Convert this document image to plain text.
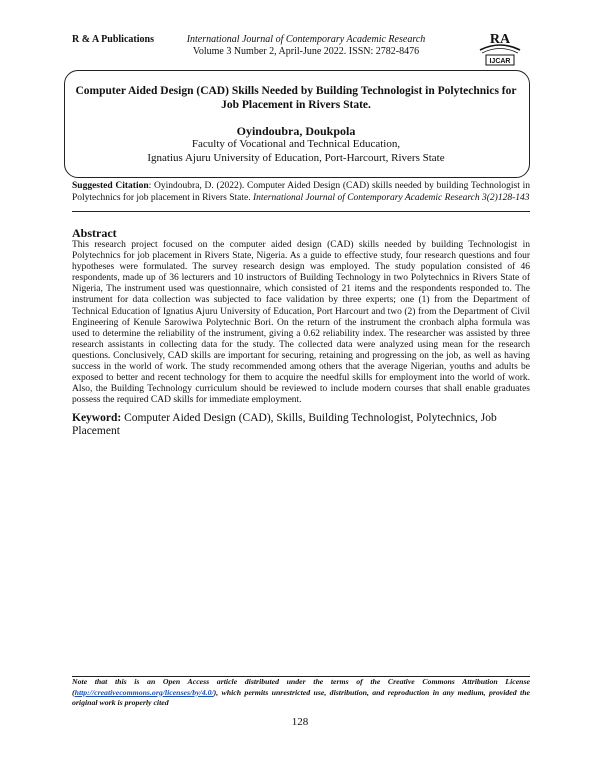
R & A Publications	International Journal of Contemporary Academic Research
Volume 3 Number 2, April-June 2022. ISSN: 2782-8476
RA
IJCAR
Computer Aided Design (CAD) Skills Needed by Building Technologist in Polytechnics for Job Placement in Rivers State.
Oyindoubra, Doukpola
Faculty of Vocational and Technical Education,
Ignatius Ajuru University of Education, Port-Harcourt, Rivers State
Suggested Citation: Oyindoubra, D. (2022). Computer Aided Design (CAD) skills needed by building Technologist in Polytechnics for job placement in Rivers State. International Journal of Contemporary Academic Research 3(2)128-143
Abstract
This research project focused on the computer aided design (CAD) skills needed by building Technologist in Polytechnics for job placement in Rivers State, Nigeria. As a guide to effective study, four research questions and four hypotheses were formulated. The survey research design was employed. The study population consisted of 46 respondents, made up of 36 lecturers and 10 instructors of Building Technology in two Polytechnics in Rivers State of Nigeria, The instrument used was questionnaire, which consisted of 21 items and the respondents responded to. The instrument for data collection was subjected to face validation by three experts; one (1) from the Department of Technical Education of Ignatius Ajuru University of Education, Port Harcourt and two (2) from the Department of Civil Engineering of Kenule Sarowiwa Polytechnic Bori. On the return of the instrument the cronbach alpha formula was used to determine the reliability of the instrument, giving a 0.62 reliability index. The researcher was assisted by three research assistants in collecting data for the study. The collected data were analyzed using mean for the research questions. Conclusively, CAD skills are important for securing, retaining and progressing on the job, as well as having success in the world of work. The study recommended among others that the average Nigerian, youths and adults be exposed to better and recent technology for them to acquire the needful skills for employment into the world of work. Also, the Building Technology curriculum should be reviewed to include modern courses that shall enable graduates possess the required CAD skills for immediate employment.
Keyword: Computer Aided Design (CAD), Skills, Building Technologist, Polytechnics, Job Placement
Note that this is an Open Access article distributed under the terms of the Creative Commons Attribution License (http://creativecommons.org/licenses/by/4.0/), which permits unrestricted use, distribution, and reproduction in any medium, provided the original work is properly cited
128
